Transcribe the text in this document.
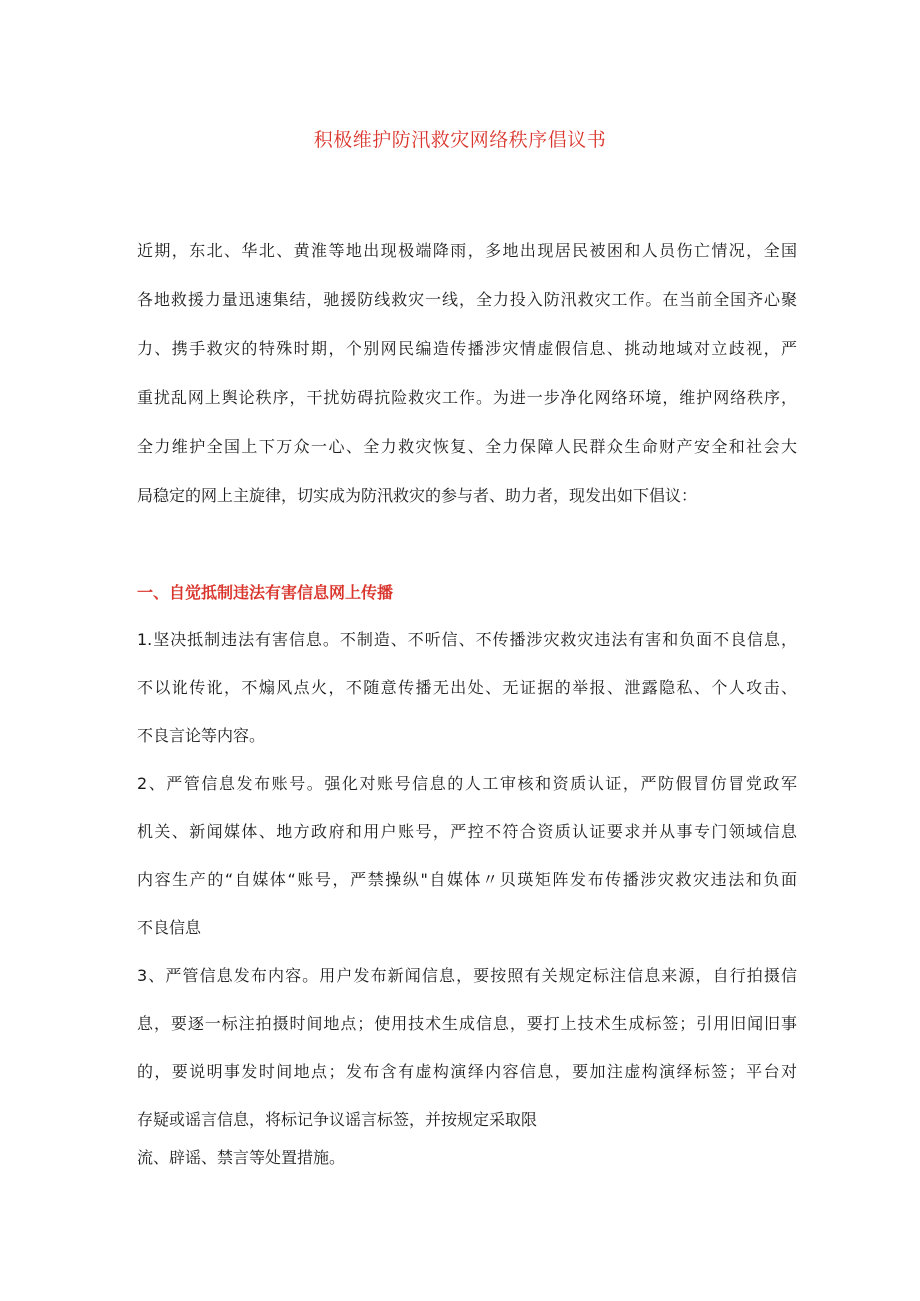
积极维护防汛救灾网络秩序倡议书
近期，东北、华北、黄淮等地出现极端降雨，多地出现居民被困和人员伤亡情况，全国
各地救援力量迅速集结，驰援防线救灾一线，全力投入防汛救灾工作。在当前全国齐心聚
力、携手救灾的特殊时期，个别网民编造传播涉灾情虚假信息、挑动地域对立歧视，严
重扰乱网上舆论秩序，干扰妨碍抗险救灾工作。为进一步净化网络环境，维护网络秩序，
全力维护全国上下万众一心、全力救灾恢复、全力保障人民群众生命财产安全和社会大
局稳定的网上主旋律，切实成为防汛救灾的参与者、助力者，现发出如下倡议：
一、自觉抵制违法有害信息网上传播
1.坚决抵制违法有害信息。不制造、不听信、不传播涉灾救灾违法有害和负面不良信息，
不以讹传讹，不煽风点火，不随意传播无出处、无证据的举报、泄露隐私、个人攻击、
不良言论等内容。
2、严管信息发布账号。强化对账号信息的人工审核和资质认证，严防假冒仿冒党政军
机关、新闻媒体、地方政府和用户账号，严控不符合资质认证要求并从事专门领域信息
内容生产的“自媒体“账号，严禁操纵"自媒体〃贝瑛矩阵发布传播涉灾救灾违法和负面
不良信息
3、严管信息发布内容。用户发布新闻信息，要按照有关规定标注信息来源，自行拍摄信
息，要逐一标注拍摄时间地点；使用技术生成信息，要打上技术生成标签；引用旧闻旧事
的，要说明事发时间地点；发布含有虚构演绎内容信息，要加注虚构演绎标签；平台对
存疑或谣言信息，将标记争议谣言标签，并按规定采取限
流、辟谣、禁言等处置措施。
